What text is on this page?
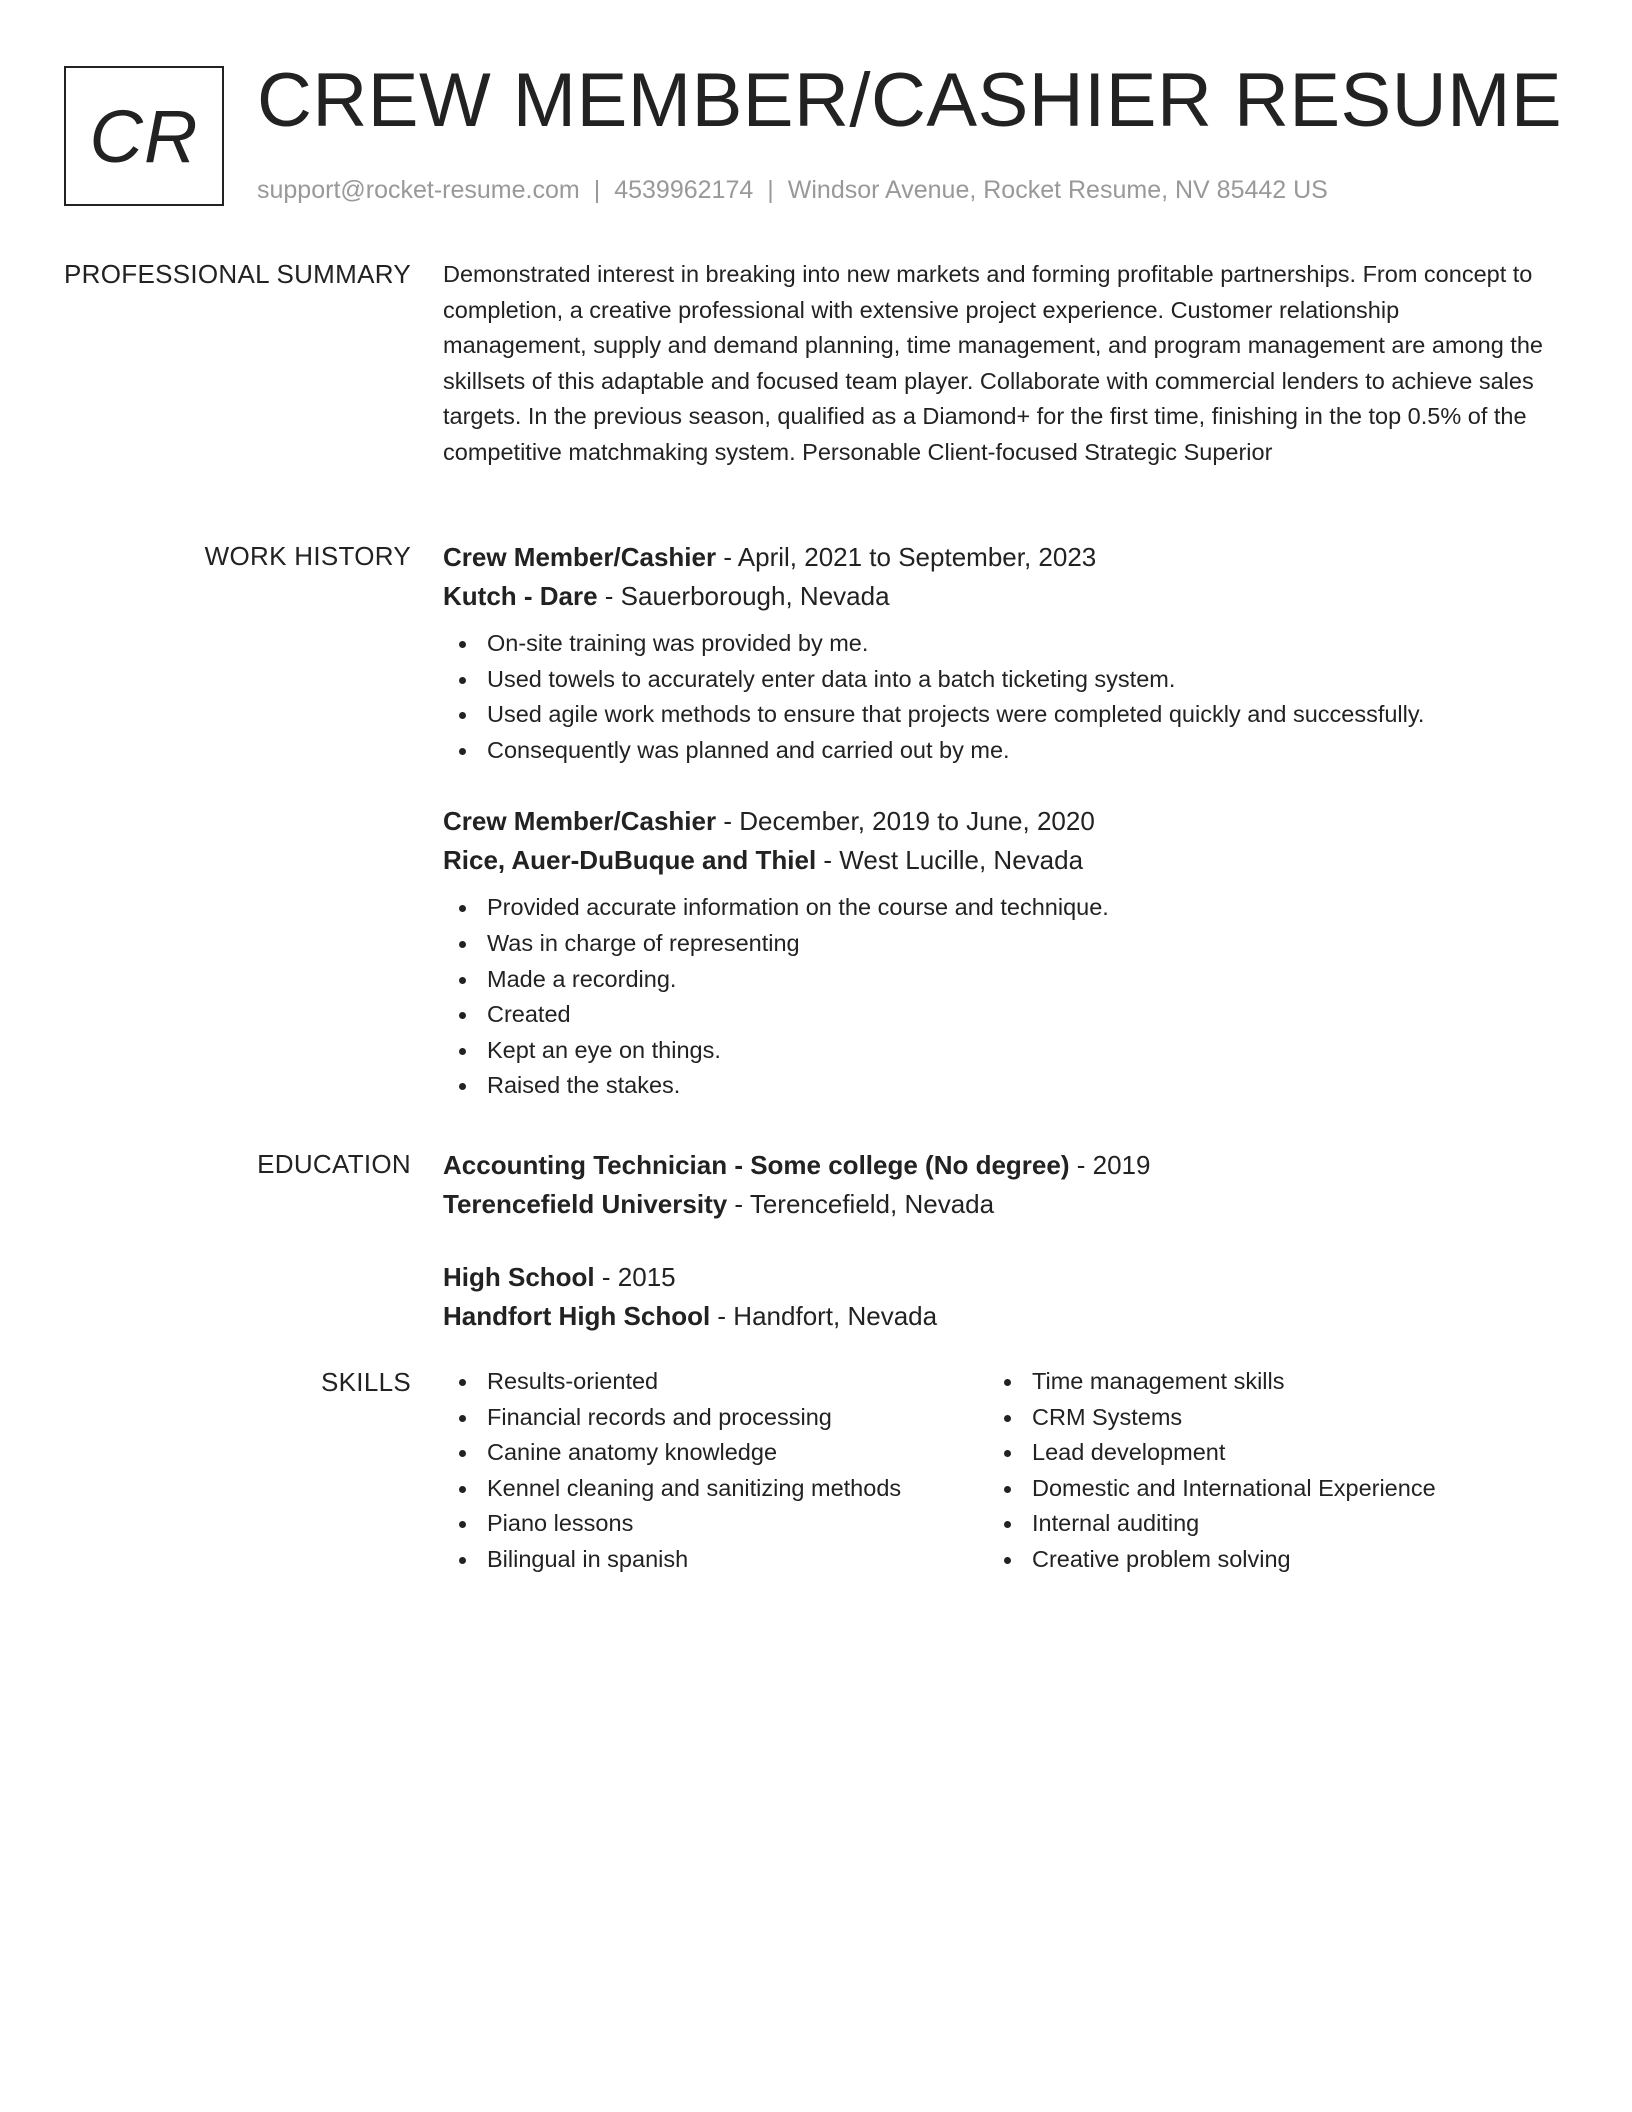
CR CREW MEMBER/CASHIER RESUME
support@rocket-resume.com | 4539962174 | Windsor Avenue, Rocket Resume, NV 85442 US
PROFESSIONAL SUMMARY Demonstrated interest in breaking into new markets and forming profitable partnerships. From concept to completion, a creative professional with extensive project experience. Customer relationship management, supply and demand planning, time management, and program management are among the skillsets of this adaptable and focused team player. Collaborate with commercial lenders to achieve sales targets. In the previous season, qualified as a Diamond+ for the first time, finishing in the top 0.5% of the competitive matchmaking system. Personable Client-focused Strategic Superior

WORK HISTORY Crew Member/Cashier - April, 2021 to September, 2023
Kutch - Dare - Sauerborough, Nevada
On-site training was provided by me.
Used towels to accurately enter data into a batch ticketing system.
Used agile work methods to ensure that projects were completed quickly and successfully.
Consequently was planned and carried out by me.
Crew Member/Cashier - December, 2019 to June, 2020
Rice, Auer-DuBuque and Thiel - West Lucille, Nevada
Provided accurate information on the course and technique.
Was in charge of representing
Made a recording.
Created
Kept an eye on things.
Raised the stakes.
EDUCATION Accounting Technician - Some college (No degree) - 2019
Terencefield University - Terencefield, Nevada
High School - 2015
Handfort High School - Handfort, Nevada
SKILLS	Results-oriented
Financial records and processing
Canine anatomy knowledge
Kennel cleaning and sanitizing methods
Piano lessons
Bilingual in spanish
Time management skills
CRM Systems
Lead development
Domestic and International Experience
Internal auditing
Creative problem solving
